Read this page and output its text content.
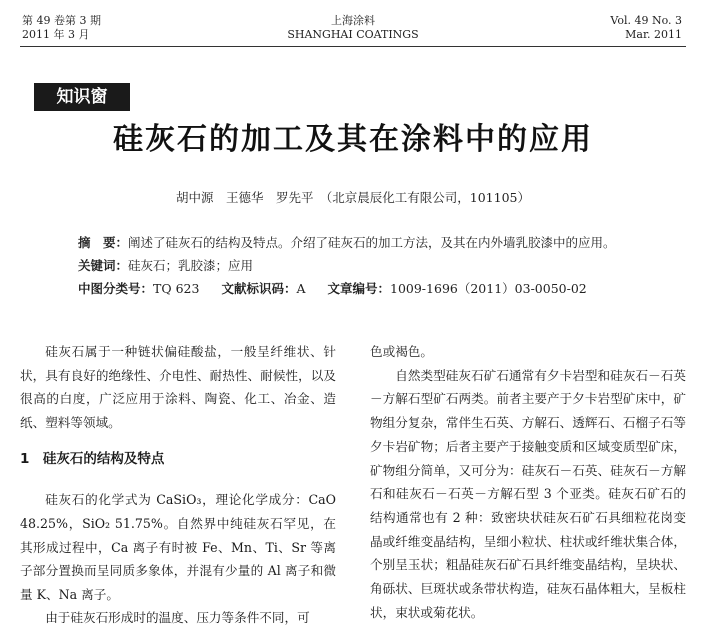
第 49 卷第 3 期
2011 年 3 月
上海涂料
SHANGHAI COATINGS
Vol. 49 No. 3
Mar. 2011
知识窗
硅灰石的加工及其在涂料中的应用
胡中源　王德华　罗先平　（北京晨辰化工有限公司，101105）
摘　要：阐述了硅灰石的结构及特点。介绍了硅灰石的加工方法，及其在内外墙乳胶漆中的应用。
关键词：硅灰石；乳胶漆；应用
中图分类号：TQ 623 文献标识码：A 文章编号：1009-1696（2011）03-0050-02

硅灰石属于一种链状偏硅酸盐，一般呈纤维状、针状，具有良好的绝缘性、介电性、耐热性、耐候性，以及很高的白度，广泛应用于涂料、陶瓷、化工、冶金、造纸、塑料等领域。

1　硅灰石的结构及特点

硅灰石的化学式为 CaSiO₃，理论化学成分：CaO 48.25%，SiO₂ 51.75%。自然界中纯硅灰石罕见，在其形成过程中，Ca 离子有时被 Fe、Mn、Ti、Sr 等离子部分置换而呈同质多象体，并混有少量的 Al 离子和微量 K、Na 离子。

由于硅灰石形成时的温度、压力等条件不同，可

色或褐色。

自然类型硅灰石矿石通常有夕卡岩型和硅灰石－石英－方解石型矿石两类。前者主要产于夕卡岩型矿床中，矿物组分复杂，常伴生石英、方解石、透辉石、石榴子石等夕卡岩矿物；后者主要产于接触变质和区域变质型矿床，矿物组分简单，又可分为：硅灰石－石英、硅灰石－方解石和硅灰石－石英－方解石型 3 个亚类。硅灰石矿石的结构通常也有 2 种：致密块状硅灰石矿石具细粒花岗变晶或纤维变晶结构，呈细小粒状、柱状或纤维状集合体，个别呈玉状；粗晶硅灰石矿石具纤维变晶结构，呈块状、角砾状、巨斑状或条带状构造，硅灰石晶体粗大，呈板柱状，束状或菊花状。
